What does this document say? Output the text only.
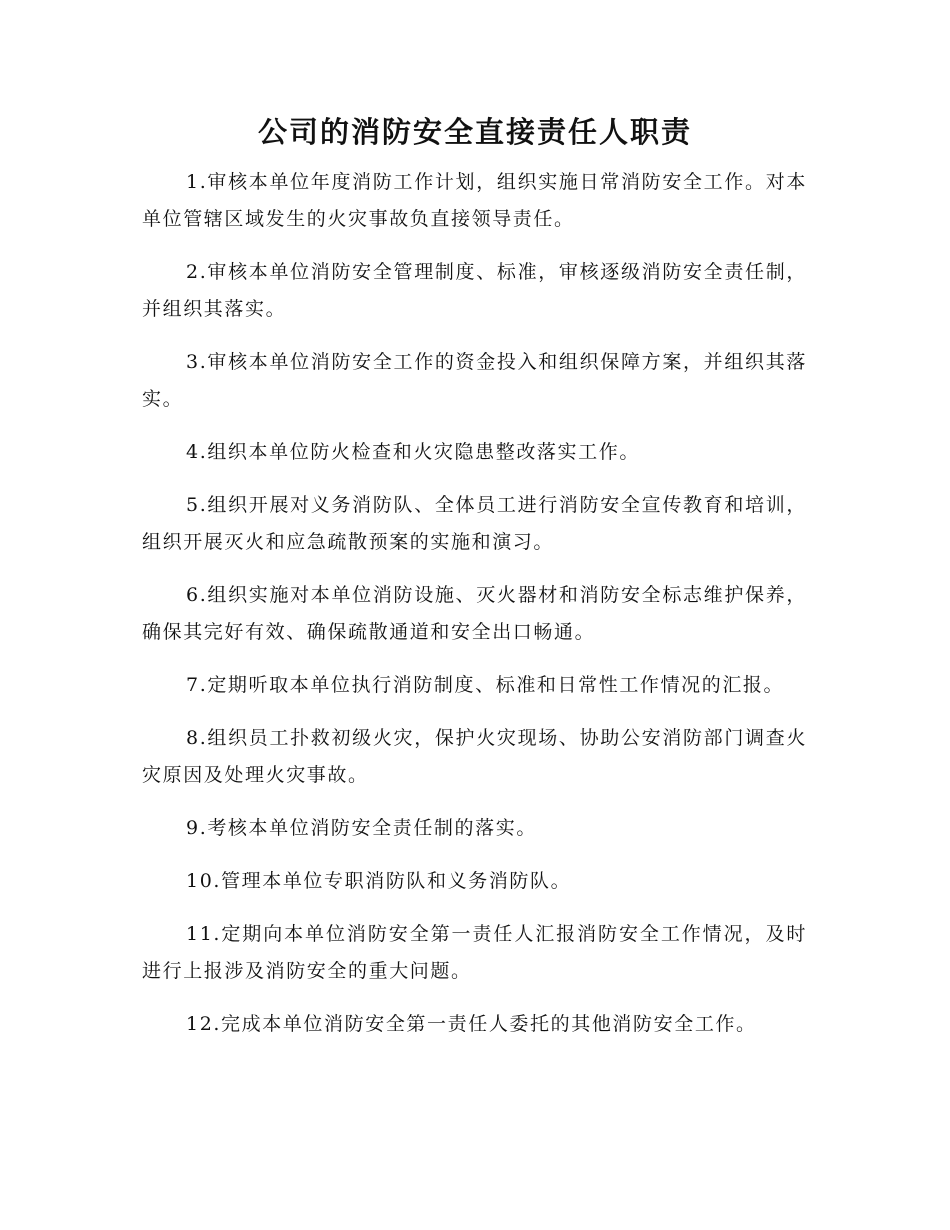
公司的消防安全直接责任人职责

1.审核本单位年度消防工作计划，组织实施日常消防安全工作。对本单位管辖区域发生的火灾事故负直接领导责任。

2.审核本单位消防安全管理制度、标准，审核逐级消防安全责任制，并组织其落实。

3.审核本单位消防安全工作的资金投入和组织保障方案，并组织其落实。

4.组织本单位防火检查和火灾隐患整改落实工作。

5.组织开展对义务消防队、全体员工进行消防安全宣传教育和培训，组织开展灭火和应急疏散预案的实施和演习。

6.组织实施对本单位消防设施、灭火器材和消防安全标志维护保养，确保其完好有效、确保疏散通道和安全出口畅通。

7.定期听取本单位执行消防制度、标准和日常性工作情况的汇报。

8.组织员工扑救初级火灾，保护火灾现场、协助公安消防部门调查火灾原因及处理火灾事故。

9.考核本单位消防安全责任制的落实。

10.管理本单位专职消防队和义务消防队。

11.定期向本单位消防安全第一责任人汇报消防安全工作情况，及时进行上报涉及消防安全的重大问题。

12.完成本单位消防安全第一责任人委托的其他消防安全工作。
